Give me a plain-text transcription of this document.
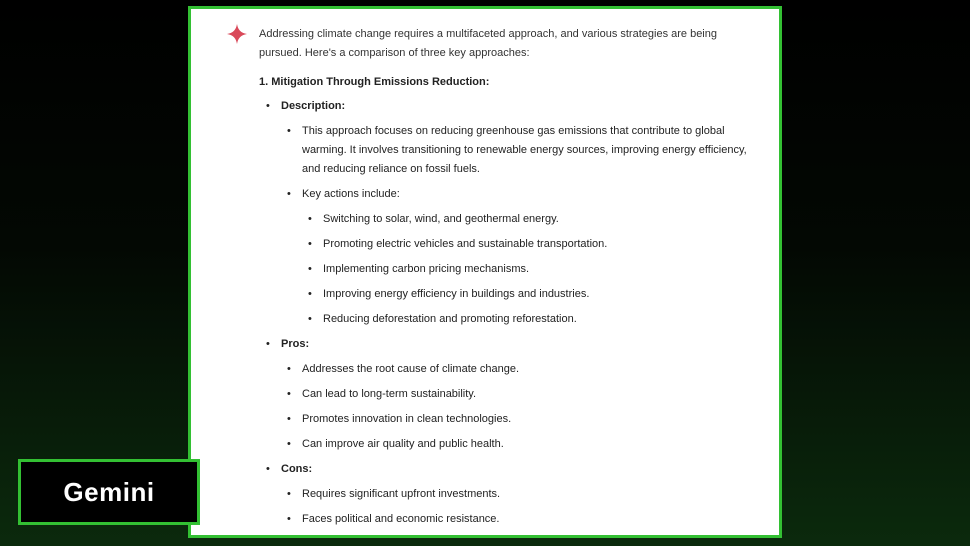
Addressing climate change requires a multifaceted approach, and various strategies are being pursued. Here's a comparison of three key approaches:

1. Mitigation Through Emissions Reduction:

• Description:
• This approach focuses on reducing greenhouse gas emissions that contribute to global warming. It involves transitioning to renewable energy sources, improving energy efficiency, and reducing reliance on fossil fuels.
• Key actions include:
• Switching to solar, wind, and geothermal energy.
• Promoting electric vehicles and sustainable transportation.
• Implementing carbon pricing mechanisms.
• Improving energy efficiency in buildings and industries.
• Reducing deforestation and promoting reforestation.
• Pros:
• Addresses the root cause of climate change.
• Can lead to long-term sustainability.
• Promotes innovation in clean technologies.
• Can improve air quality and public health.
• Cons:
• Requires significant upfront investments.
• Faces political and economic resistance.
Gemini
